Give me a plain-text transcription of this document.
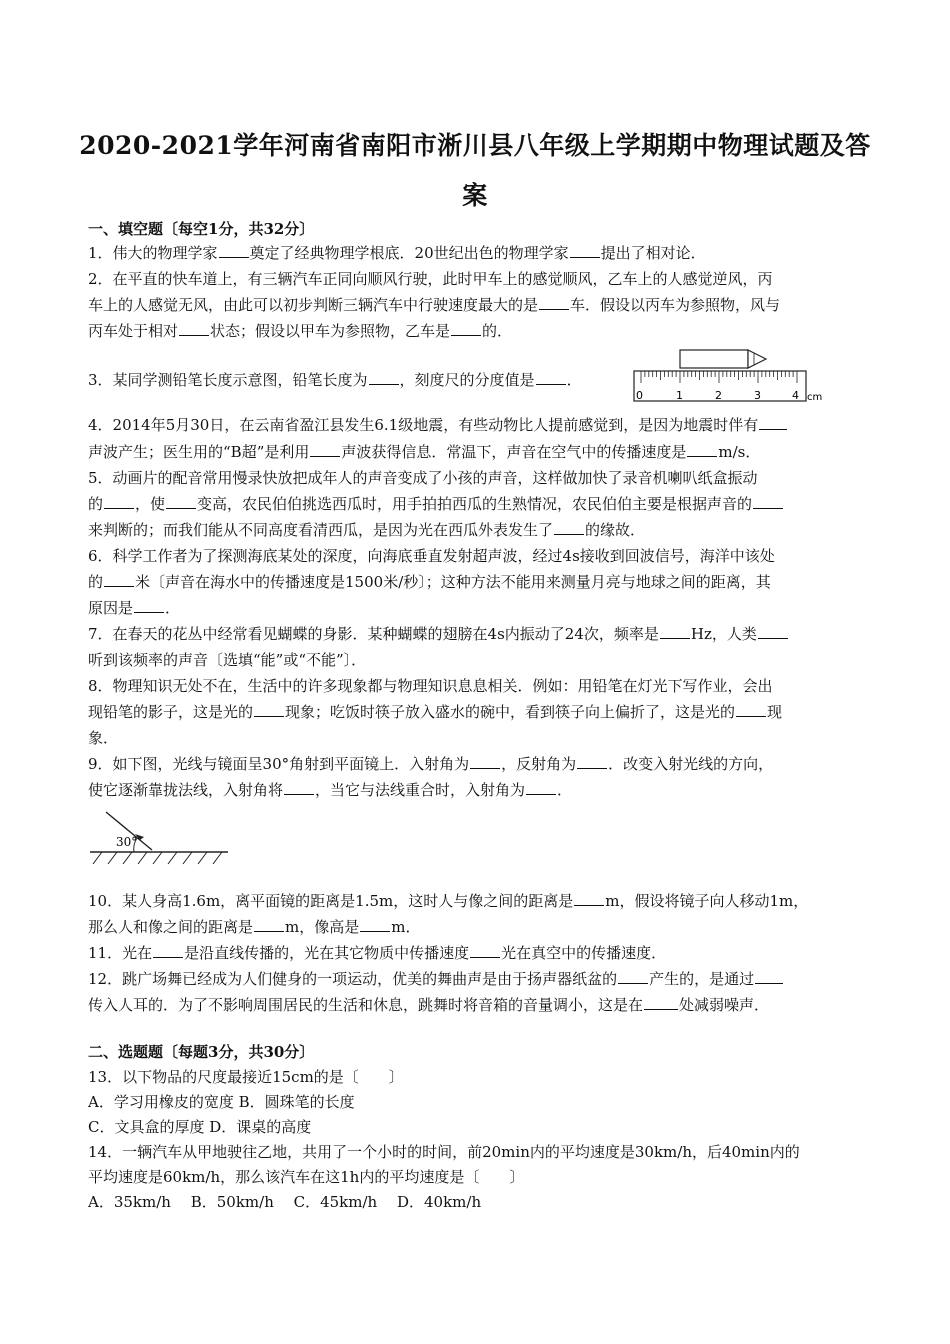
2020-2021学年河南省南阳市淅川县八年级上学期期中物理试题及答
案
一、填空题〔每空1分，共32分〕
1．伟大的物理学家 奠定了经典物理学根底．20世纪出色的物理学家 提出了相对论．
2．在平直的快车道上，有三辆汽车正同向顺风行驶，此时甲车上的感觉顺风，乙车上的人感觉逆风，丙
车上的人感觉无风，由此可以初步判断三辆汽车中行驶速度最大的是 车．假设以丙车为参照物，风与
丙车处于相对 状态；假设以甲车为参照物，乙车是 的．
3．某同学测铅笔长度示意图，铅笔长度为 ，刻度尺的分度值是 ．
0	1	2	3	4 cm
4．2014年5月30日，在云南省盈江县发生6.1级地震，有些动物比人提前感觉到，是因为地震时伴有
声波产生；医生用的“B超”是利用 声波获得信息．常温下，声音在空气中的传播速度是 m/s．
5．动画片的配音常用慢录快放把成年人的声音变成了小孩的声音，这样做加快了录音机喇叭纸盒振动
的 ，使 变高，农民伯伯挑选西瓜时，用手拍拍西瓜的生熟情况，农民伯伯主要是根据声音的
来判断的；而我们能从不同高度看清西瓜，是因为光在西瓜外表发生了 的缘故．
6．科学工作者为了探测海底某处的深度，向海底垂直发射超声波，经过4s接收到回波信号，海洋中该处
的 米〔声音在海水中的传播速度是1500米/秒〕；这种方法不能用来测量月亮与地球之间的距离，其
原因是 ．
7．在春天的花丛中经常看见蝴蝶的身影．某种蝴蝶的翅膀在4s内振动了24次，频率是 Hz，人类
听到该频率的声音〔选填“能”或“不能”〕．
8．物理知识无处不在，生活中的许多现象都与物理知识息息相关．例如：用铅笔在灯光下写作业，会出
现铅笔的影子，这是光的 现象；吃饭时筷子放入盛水的碗中，看到筷子向上偏折了，这是光的 现
象．
9．如下图，光线与镜面呈30°角射到平面镜上．入射角为 ，反射角为 ．改变入射光线的方向，
使它逐渐靠拢法线，入射角将 ，当它与法线重合时，入射角为 ．
30°
10．某人身高1.6m，离平面镜的距离是1.5m，这时人与像之间的距离是 m，假设将镜子向人移动1m，
那么人和像之间的距离是 m，像高是 m．
11．光在 是沿直线传播的，光在其它物质中传播速度 光在真空中的传播速度．
12．跳广场舞已经成为人们健身的一项运动，优美的舞曲声是由于扬声器纸盆的 产生的，是通过
传入人耳的．为了不影响周围居民的生活和休息，跳舞时将音箱的音量调小，这是在 处减弱噪声．
二、选题题〔每题3分，共30分〕
13．以下物品的尺度最接近15cm的是〔　　〕
A．学习用橡皮的宽度 B．圆珠笔的长度
C．文具盒的厚度 D．课桌的高度
14．一辆汽车从甲地驶往乙地，共用了一个小时的时间，前20min内的平均速度是30km/h，后40min内的
平均速度是60km/h，那么该汽车在这1h内的平均速度是〔　　〕
A．35km/h　 B．50km/h　 C．45km/h　 D．40km/h
